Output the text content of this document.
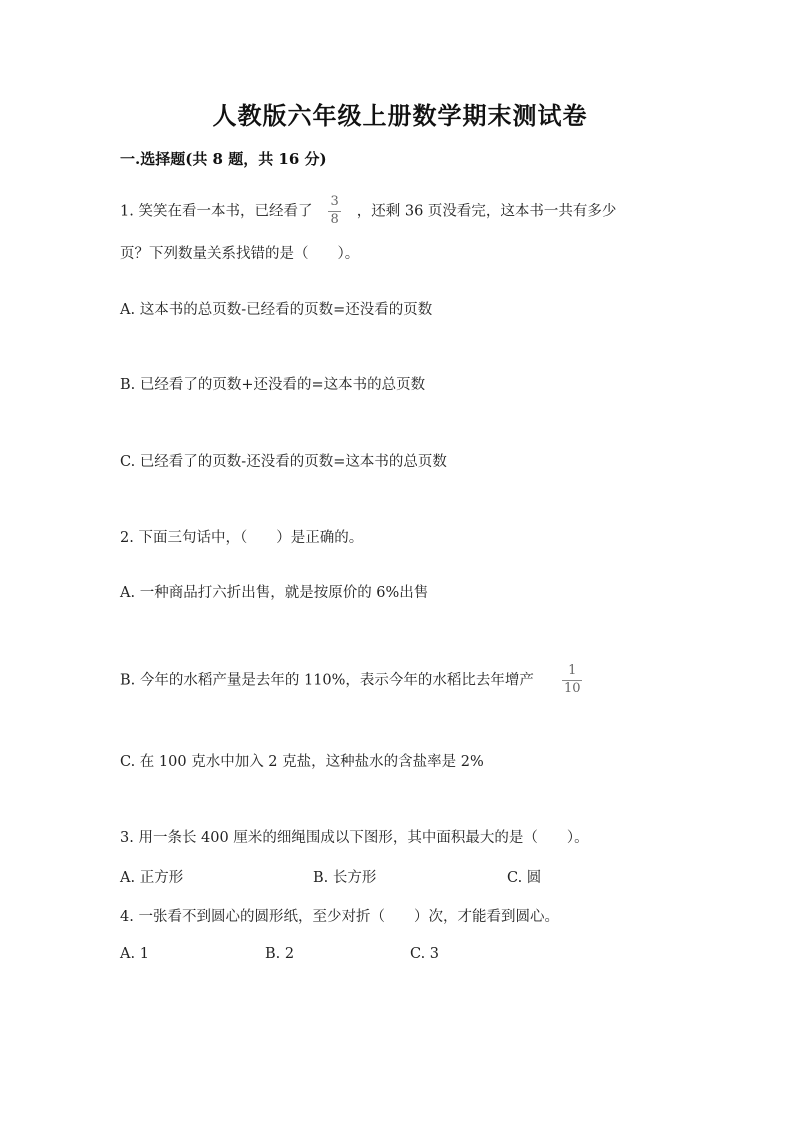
人教版六年级上册数学期末测试卷
一.选择题(共 8 题，共 16 分)
1. 笑笑在看一本书，已经看了 $\frac{3}{8}$ ，还剩 36 页没看完，这本书一共有多少
页？下列数量关系找错的是（　　）。
A. 这本书的总页数-已经看的页数=还没看的页数
B. 已经看了的页数+还没看的=这本书的总页数
C. 已经看了的页数-还没看的页数=这本书的总页数
2. 下面三句话中，（　　）是正确的。
A. 一种商品打六折出售，就是按原价的 6%出售
B. 今年的水稻产量是去年的 110%，表示今年的水稻比去年增产 $\frac{1}{10}$
C. 在 100 克水中加入 2 克盐，这种盐水的含盐率是 2%
3. 用一条长 400 厘米的细绳围成以下图形，其中面积最大的是（　　）。
A. 正方形	B. 长方形	C. 圆
4. 一张看不到圆心的圆形纸，至少对折（　　）次，才能看到圆心。
A. 1	B. 2	C. 3
